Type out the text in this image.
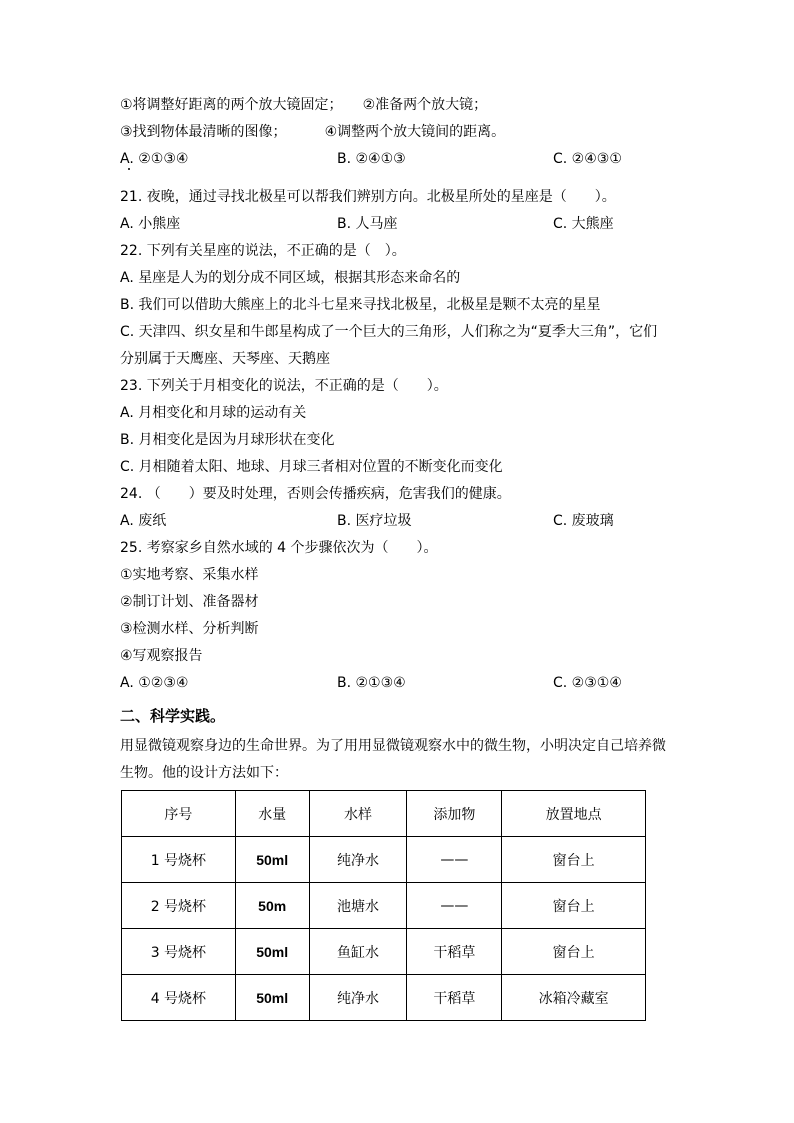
①将调整好距离的两个放大镜固定； ②准备两个放大镜；
③找到物体最清晰的图像；	④调整两个放大镜间的距离。
A. ②①③④	B. ②④①③	C. ②④③①
21. 夜晚，通过寻找北极星可以帮我们辨别方向。北极星所处的星座是（　　）。
A. 小熊座	B. 人马座	C. 大熊座
22. 下列有关星座的说法，不正确的是（　）。
A. 星座是人为的划分成不同区域，根据其形态来命名的
B. 我们可以借助大熊座上的北斗七星来寻找北极星，北极星是颗不太亮的星星
C. 天津四、织女星和牛郎星构成了一个巨大的三角形，人们称之为“夏季大三角”，它们
分别属于天鹰座、天琴座、天鹅座
23. 下列关于月相变化的说法，不正确的是（　　）。
A. 月相变化和月球的运动有关
B. 月相变化是因为月球形状在变化
C. 月相随着太阳、地球、月球三者相对位置的不断变化而变化
24. （　　）要及时处理，否则会传播疾病，危害我们的健康。
A. 废纸	B. 医疗垃圾	C. 废玻璃
25. 考察家乡自然水域的 4 个步骤依次为（　　）。
①实地考察、采集水样
②制订计划、准备器材
③检测水样、分析判断
④写观察报告
A. ①②③④	B. ②①③④	C. ②③①④
二、科学实践。
用显微镜观察身边的生命世界。为了用用显微镜观察水中的微生物，小明决定自己培养微
生物。他的设计方法如下：
序号	水量	水样	添加物	放置地点
1 号烧杯	50ml	纯净水	——	窗台上
2 号烧杯	50m	池塘水	——	窗台上
3 号烧杯	50ml	鱼缸水	干稻草	窗台上
4 号烧杯	50ml	纯净水	干稻草	冰箱冷藏室
